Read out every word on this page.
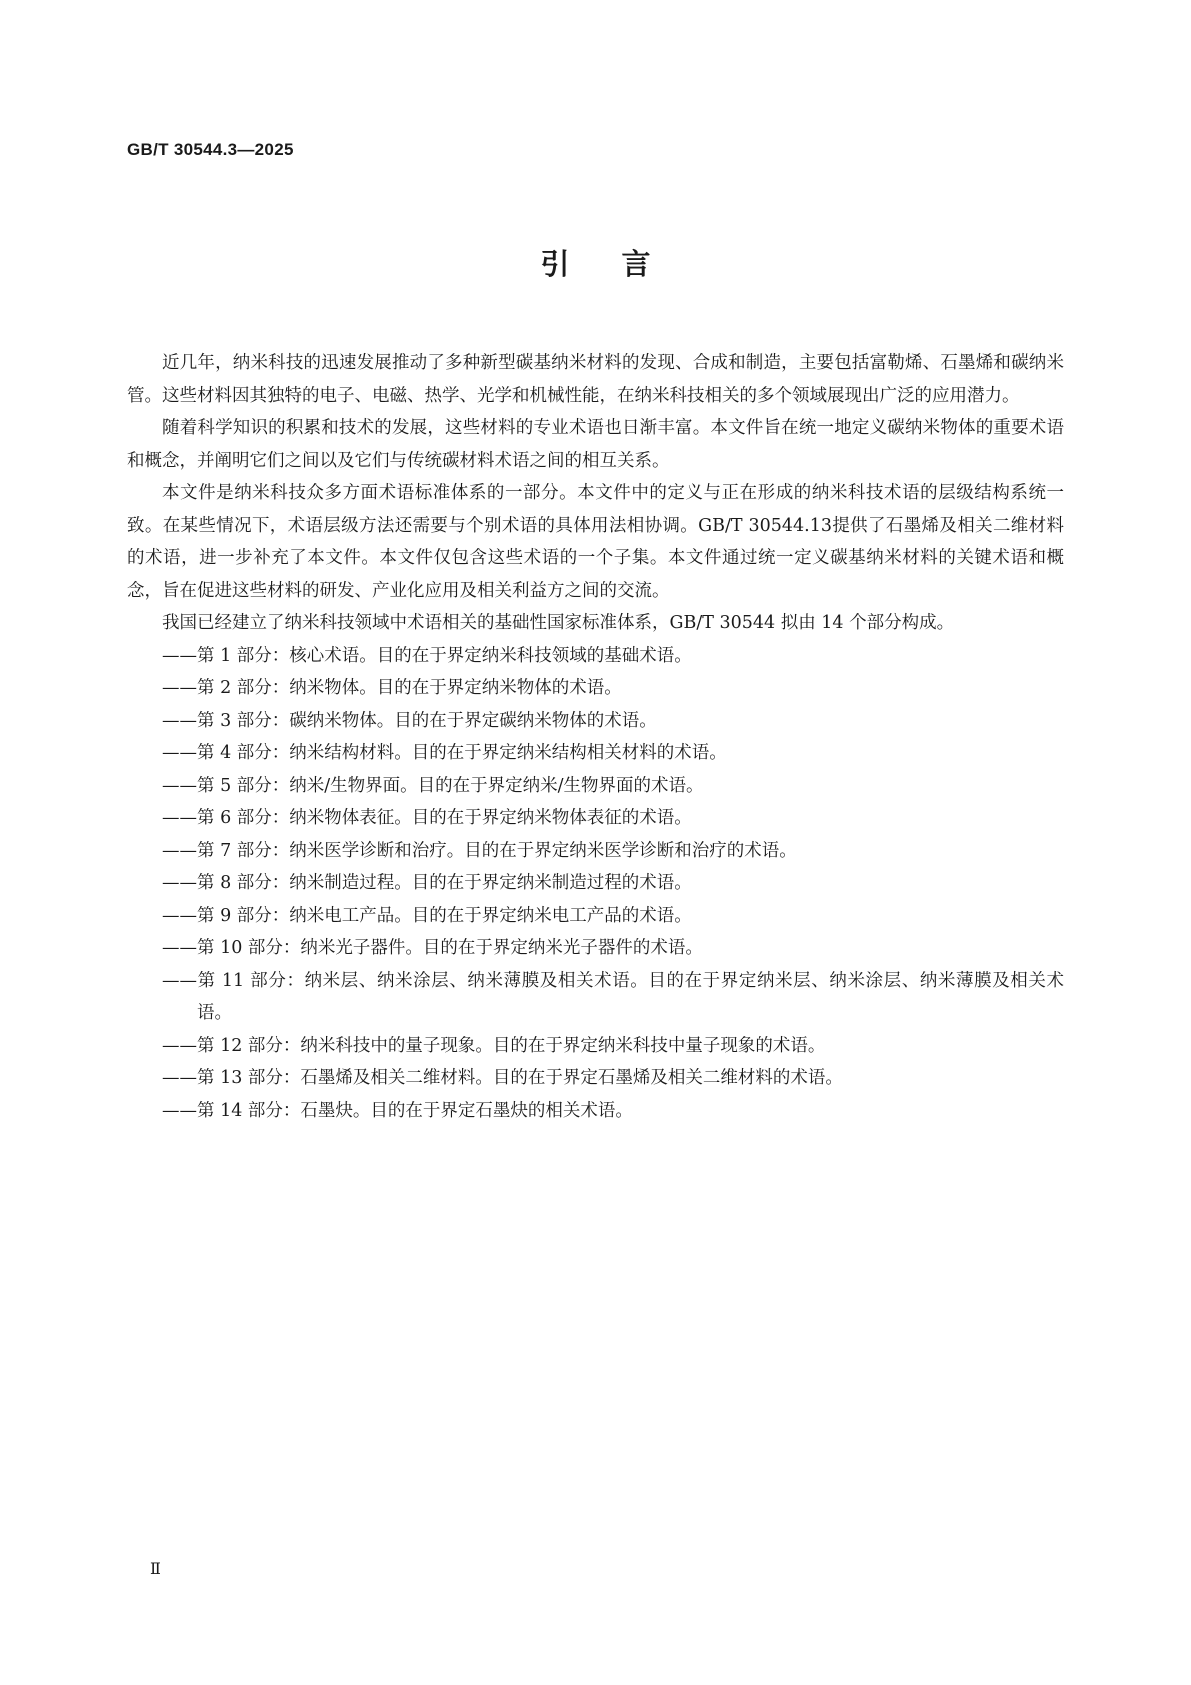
GB/T 30544.3—2025
引言

近几年，纳米科技的迅速发展推动了多种新型碳基纳米材料的发现、合成和制造，主要包括富勒烯、石墨烯和碳纳米管。这些材料因其独特的电子、电磁、热学、光学和机械性能，在纳米科技相关的多个领域展现出广泛的应用潜力。

随着科学知识的积累和技术的发展，这些材料的专业术语也日渐丰富。本文件旨在统一地定义碳纳米物体的重要术语和概念，并阐明它们之间以及它们与传统碳材料术语之间的相互关系。

本文件是纳米科技众多方面术语标准体系的一部分。本文件中的定义与正在形成的纳米科技术语的层级结构系统一致。在某些情况下，术语层级方法还需要与个别术语的具体用法相协调。GB/T 30544.13提供了石墨烯及相关二维材料的术语，进一步补充了本文件。本文件仅包含这些术语的一个子集。本文件通过统一定义碳基纳米材料的关键术语和概念，旨在促进这些材料的研发、产业化应用及相关利益方之间的交流。

我国已经建立了纳米科技领域中术语相关的基础性国家标准体系，GB/T 30544 拟由 14 个部分构成。

——第 1 部分：核心术语。目的在于界定纳米科技领域的基础术语。
——第 2 部分：纳米物体。目的在于界定纳米物体的术语。
——第 3 部分：碳纳米物体。目的在于界定碳纳米物体的术语。
——第 4 部分：纳米结构材料。目的在于界定纳米结构相关材料的术语。
——第 5 部分：纳米/生物界面。目的在于界定纳米/生物界面的术语。
——第 6 部分：纳米物体表征。目的在于界定纳米物体表征的术语。
——第 7 部分：纳米医学诊断和治疗。目的在于界定纳米医学诊断和治疗的术语。
——第 8 部分：纳米制造过程。目的在于界定纳米制造过程的术语。
——第 9 部分：纳米电工产品。目的在于界定纳米电工产品的术语。
——第 10 部分：纳米光子器件。目的在于界定纳米光子器件的术语。
——第 11 部分：纳米层、纳米涂层、纳米薄膜及相关术语。目的在于界定纳米层、纳米涂层、纳米薄膜及相关术语。
——第 12 部分：纳米科技中的量子现象。目的在于界定纳米科技中量子现象的术语。
——第 13 部分：石墨烯及相关二维材料。目的在于界定石墨烯及相关二维材料的术语。
——第 14 部分：石墨炔。目的在于界定石墨炔的相关术语。
Ⅱ
